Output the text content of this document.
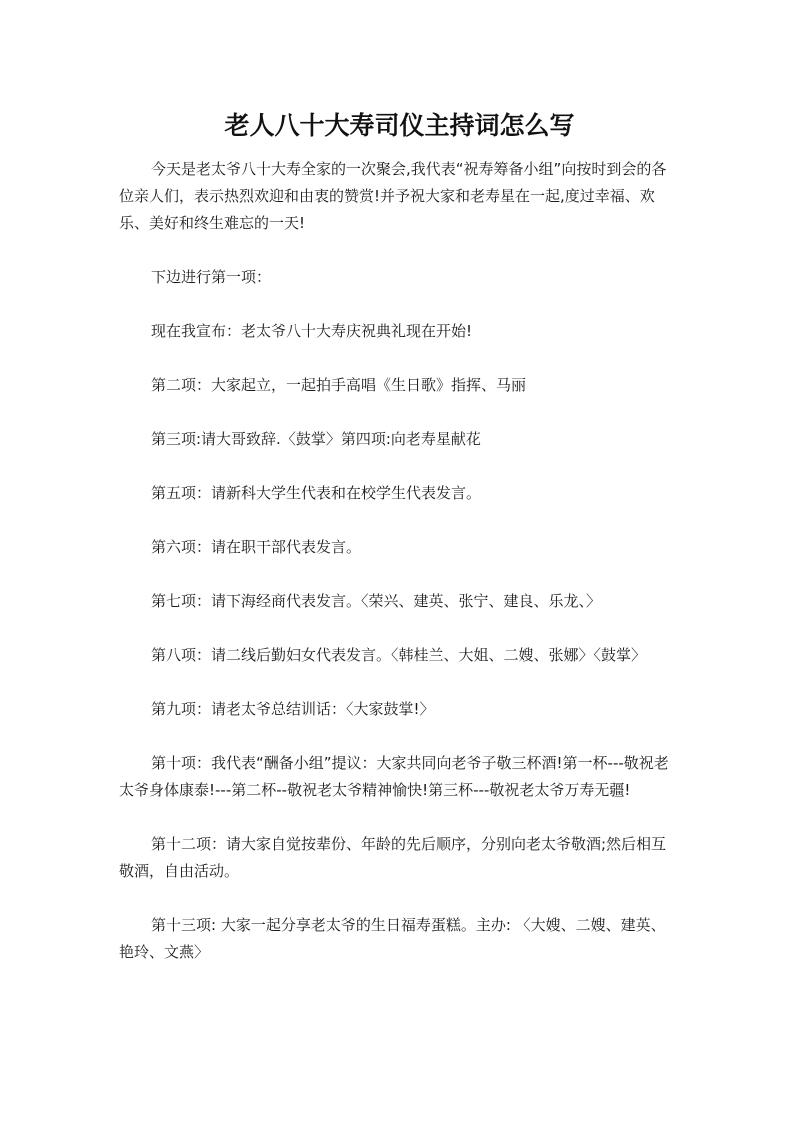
老人八十大寿司仪主持词怎么写

今天是老太爷八十大寿全家的一次聚会,我代表“祝寿筹备小组”向按时到会的各位亲人们，表示热烈欢迎和由衷的赞赏!并予祝大家和老寿星在一起,度过幸福、欢乐、美好和终生难忘的一天!

下边进行第一项：

现在我宣布：老太爷八十大寿庆祝典礼现在开始!

第二项：大家起立，一起拍手高唱《生日歌》指挥、马丽

第三项:请大哥致辞.〈鼓掌〉第四项:向老寿星献花

第五项：请新科大学生代表和在校学生代表发言。

第六项：请在职干部代表发言。

第七项：请下海经商代表发言。〈荣兴、建英、张宁、建良、乐龙、〉

第八项：请二线后勤妇女代表发言。〈韩桂兰、大姐、二嫂、张娜〉〈鼓掌〉

第九项：请老太爷总结训话：〈大家鼓掌!〉

第十项：我代表“酬备小组”提议：大家共同向老爷子敬三杯酒!第一杯---敬祝老太爷身体康泰!---第二杯--敬祝老太爷精神愉快!第三杯---敬祝老太爷万寿无疆!

第十二项：请大家自觉按辈份、年龄的先后顺序，分别向老太爷敬酒;然后相互敬酒，自由活动。

第十三项: 大家一起分享老太爷的生日福寿蛋糕。主办: 〈大嫂、二嫂、建英、艳玲、文燕〉
